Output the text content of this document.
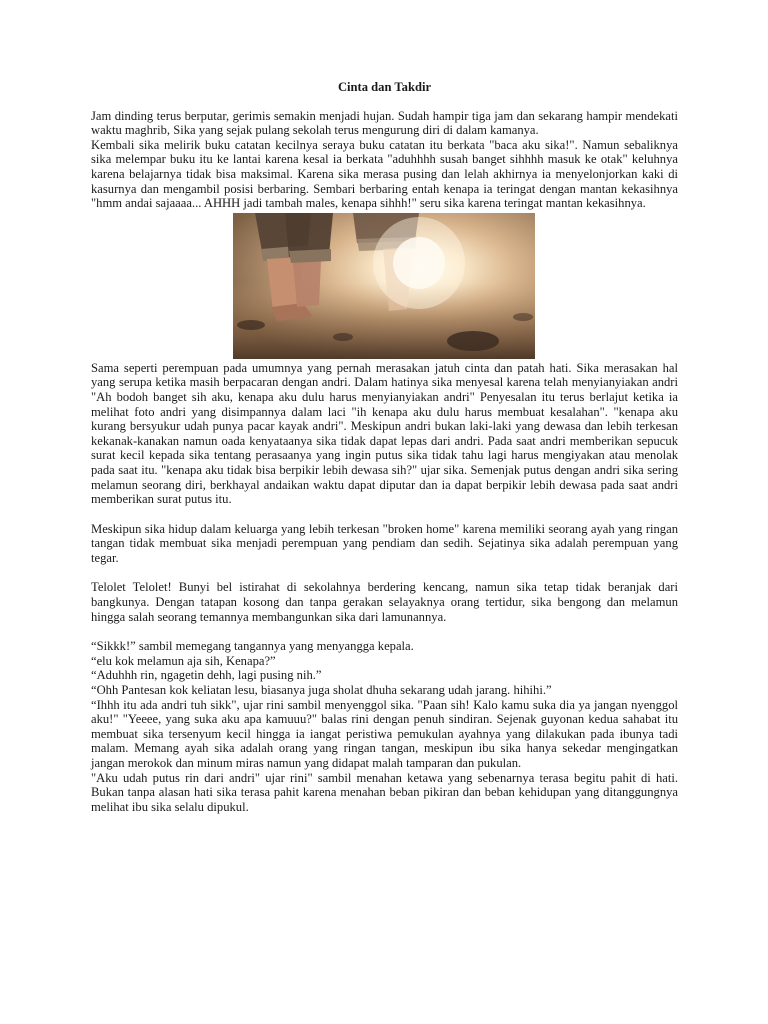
Cinta dan Takdir

Jam dinding terus berputar, gerimis semakin menjadi hujan. Sudah hampir tiga jam dan sekarang hampir mendekati waktu maghrib, Sika yang sejak pulang sekolah terus mengurung diri di dalam kamanya.

Kembali sika melirik buku catatan kecilnya seraya buku catatan itu berkata "baca aku sika!". Namun sebaliknya sika melempar buku itu ke lantai karena kesal ia berkata "aduhhhh susah banget sihhhh masuk ke otak" keluhnya karena belajarnya tidak bisa maksimal. Karena sika merasa pusing dan lelah akhirnya ia menyelonjorkan kaki di kasurnya dan mengambil posisi berbaring. Sembari berbaring entah kenapa ia teringat dengan mantan kekasihnya "hmm andai sajaaaa... AHHH jadi tambah males, kenapa sihhh!" seru sika karena teringat mantan kekasihnya.

Sama seperti perempuan pada umumnya yang pernah merasakan jatuh cinta dan patah hati. Sika merasakan hal yang serupa ketika masih berpacaran dengan andri. Dalam hatinya sika menyesal karena telah menyianyiakan andri "Ah bodoh banget sih aku, kenapa aku dulu harus menyianyiakan andri" Penyesalan itu terus berlajut ketika ia melihat foto andri yang disimpannya dalam laci "ih kenapa aku dulu harus membuat kesalahan". "kenapa aku kurang bersyukur udah punya pacar kayak andri". Meskipun andri bukan laki-laki yang dewasa dan lebih terkesan kekanak-kanakan namun oada kenyataanya sika tidak dapat lepas dari andri. Pada saat andri memberikan sepucuk surat kecil kepada sika tentang perasaanya yang ingin putus sika tidak tahu lagi harus mengiyakan atau menolak pada saat itu. "kenapa aku tidak bisa berpikir lebih dewasa sih?" ujar sika. Semenjak putus dengan andri sika sering melamun seorang diri, berkhayal andaikan waktu dapat diputar dan ia dapat berpikir lebih dewasa pada saat andri memberikan surat putus itu.

Meskipun sika hidup dalam keluarga yang lebih terkesan "broken home" karena memiliki seorang ayah yang ringan tangan tidak membuat sika menjadi perempuan yang pendiam dan sedih. Sejatinya sika adalah perempuan yang tegar.

Telolet Telolet! Bunyi bel istirahat di sekolahnya berdering kencang, namun sika tetap tidak beranjak dari bangkunya. Dengan tatapan kosong dan tanpa gerakan selayaknya orang tertidur, sika bengong dan melamun hingga salah seorang temannya membangunkan sika dari lamunannya.

“Sikkk!” sambil memegang tangannya yang menyangga kepala.

“elu kok melamun aja sih, Kenapa?”

“Aduhhh rin, ngagetin dehh, lagi pusing nih.”

“Ohh Pantesan kok keliatan lesu, biasanya juga sholat dhuha sekarang udah jarang. hihihi.”

“Ihhh itu ada andri tuh sikk", ujar rini sambil menyenggol sika. "Paan sih! Kalo kamu suka dia ya jangan nyenggol aku!" "Yeeee, yang suka aku apa kamuuu?" balas rini dengan penuh sindiran. Sejenak guyonan kedua sahabat itu membuat sika tersenyum kecil hingga ia iangat peristiwa pemukulan ayahnya yang dilakukan pada ibunya tadi malam. Memang ayah sika adalah orang yang ringan tangan, meskipun ibu sika hanya sekedar mengingatkan jangan merokok dan minum miras namun yang didapat malah tamparan dan pukulan.

"Aku udah putus rin dari andri" ujar rini" sambil menahan ketawa yang sebenarnya terasa begitu pahit di hati. Bukan tanpa alasan hati sika terasa pahit karena menahan beban pikiran dan beban kehidupan yang ditanggungnya melihat ibu sika selalu dipukul.
